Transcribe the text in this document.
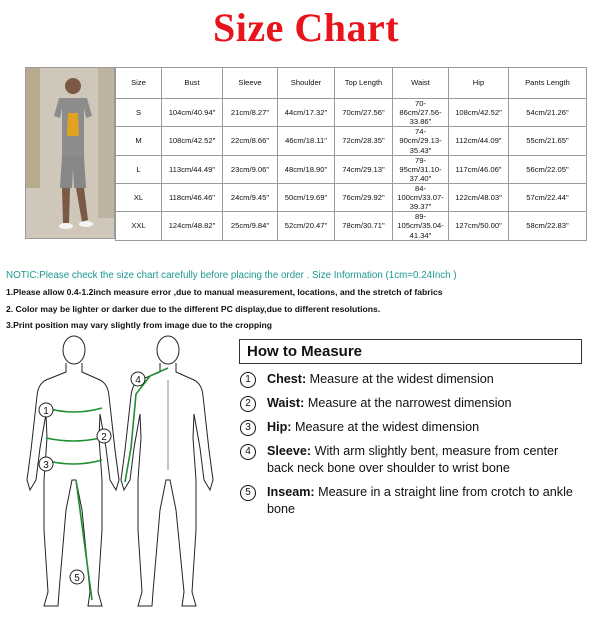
Size Chart
Size	Bust	Sleeve	Shoulder	Top Length	Waist	Hip	Pants Length
S	104cm/40.94"	21cm/8.27"	44cm/17.32"	70cm/27.56"	70-86cm/27.56-33.86"	108cm/42.52"	54cm/21.26"
M	108cm/42.52"	22cm/8.66"	46cm/18.11"	72cm/28.35"	74-90cm/29.13-35.43"	112cm/44.09"	55cm/21.65"
L	113cm/44.49"	23cm/9.06"	48cm/18.90"	74cm/29.13"	79-95cm/31.10-37.40"	117cm/46.06"	56cm/22.05"
XL	118cm/46.46"	24cm/9.45"	50cm/19.69"	76cm/29.92"	84-100cm/33.07-39.37"	122cm/48.03"	57cm/22.44"
XXL	124cm/48.82"	25cm/9.84"	52cm/20.47"	78cm/30.71"	89-105cm/35.04-41.34"	127cm/50.00"	58cm/22.83"
NOTIC:Please check the size chart carefully before placing the order . Size Information (1cm=0.24Inch )
1.Please allow 0.4-1.2inch measure error ,due to manual measurement, locations, and the stretch of fabrics
2. Color may be lighter or darker due to the different PC display,due to different resolutions.
3.Print position may vary slightly from image due to the cropping
1
2
3
4
5
How to Measure
1	Chest: Measure at the widest dimension
2	Waist: Measure at the narrowest dimension
3	Hip: Measure at the widest dimension
4	Sleeve: With arm slightly bent, measure from center back neck bone over shoulder to wrist bone
5	Inseam: Measure in a straight line from crotch to ankle bone
